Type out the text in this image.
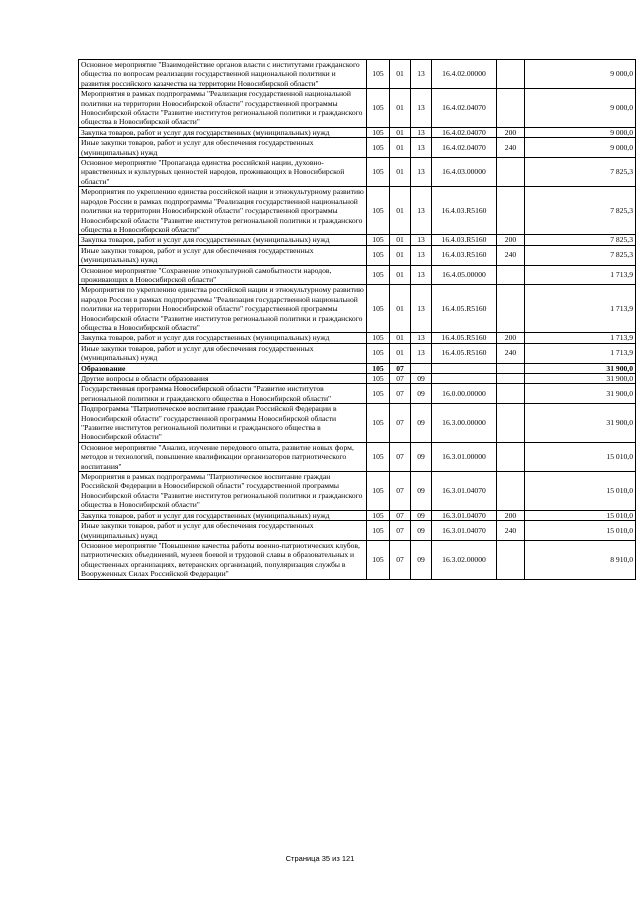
Основное мероприятие "Взаимодействие органов власти с институтами гражданского общества по вопросам реализации государственной национальной политики и развития российского казачества на территории Новосибирской области"	105	01	13	16.4.02.00000		9 000,0
Мероприятия в рамках подпрограммы "Реализация государственной национальной политики на территории Новосибирской области" государственной программы Новосибирской области "Развитие институтов региональной политики и гражданского общества в Новосибирской области"	105	01	13	16.4.02.04070		9 000,0
Закупка товаров, работ и услуг для государственных (муниципальных) нужд	105	01	13	16.4.02.04070	200	9 000,0
Иные закупки товаров, работ и услуг для обеспечения государственных (муниципальных) нужд	105	01	13	16.4.02.04070	240	9 000,0
Основное мероприятие "Пропаганда единства российской нации, духовно-нравственных и культурных ценностей народов, проживающих в Новосибирской области"	105	01	13	16.4.03.00000		7 825,3
Мероприятия по укреплению единства российской нации и этнокультурному развитию народов России в рамках подпрограммы "Реализация государственной национальной политики на территории Новосибирской области" государственной программы Новосибирской области "Развитие институтов региональной политики и гражданского общества в Новосибирской области"	105	01	13	16.4.03.R5160		7 825,3
Закупка товаров, работ и услуг для государственных (муниципальных) нужд	105	01	13	16.4.03.R5160	200	7 825,3
Иные закупки товаров, работ и услуг для обеспечения государственных (муниципальных) нужд	105	01	13	16.4.03.R5160	240	7 825,3
Основное мероприятие "Сохранение этнокультурной самобытности народов, проживающих в Новосибирской области"	105	01	13	16.4.05.00000		1 713,9
Мероприятия по укреплению единства российской нации и этнокультурному развитию народов России в рамках подпрограммы "Реализация государственной национальной политики на территории Новосибирской области" государственной программы Новосибирской области "Развитие институтов региональной политики и гражданского общества в Новосибирской области"	105	01	13	16.4.05.R5160		1 713,9
Закупка товаров, работ и услуг для государственных (муниципальных) нужд	105	01	13	16.4.05.R5160	200	1 713,9
Иные закупки товаров, работ и услуг для обеспечения государственных (муниципальных) нужд	105	01	13	16.4.05.R5160	240	1 713,9
Образование	105	07				31 900,0
Другие вопросы в области образования	105	07	09			31 900,0
Государственная программа Новосибирской области "Развитие институтов региональной политики и гражданского общества в Новосибирской области"	105	07	09	16.0.00.00000		31 900,0
Подпрограмма "Патриотическое воспитание граждан Российской Федерации в Новосибирской области" государственной программы Новосибирской области "Развитие институтов региональной политики и гражданского общества в Новосибирской области"	105	07	09	16.3.00.00000		31 900,0
Основное мероприятие "Анализ, изучение передового опыта, развитие новых форм, методов и технологий, повышение квалификации организаторов патриотического воспитания"	105	07	09	16.3.01.00000		15 010,0
Мероприятия в рамках подпрограммы "Патриотическое воспитание граждан Российской Федерации в Новосибирской области" государственной программы Новосибирской области "Развитие институтов региональной политики и гражданского общества в Новосибирской области"	105	07	09	16.3.01.04070		15 010,0
Закупка товаров, работ и услуг для государственных (муниципальных) нужд	105	07	09	16.3.01.04070	200	15 010,0
Иные закупки товаров, работ и услуг для обеспечения государственных (муниципальных) нужд	105	07	09	16.3.01.04070	240	15 010,0
Основное мероприятие "Повышение качества работы военно-патриотических клубов, патриотических объединений, музеев боевой и трудовой славы в образовательных и общественных организациях, ветеранских организаций, популяризация службы в Вооруженных Силах Российской Федерации"	105	07	09	16.3.02.00000		8 910,0
Страница 35 из 121
